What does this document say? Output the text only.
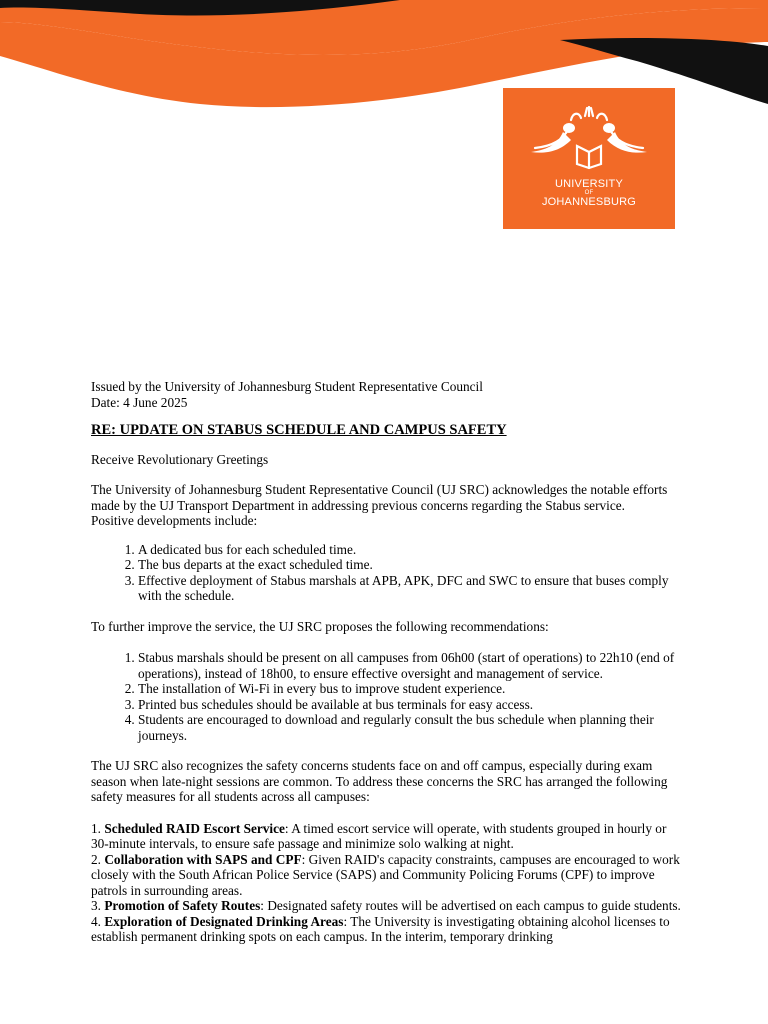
UNIVERSITY
OF
JOHANNESBURG

Issued by the University of Johannesburg Student Representative Council

Date: 4 June 2025

RE: UPDATE ON STABUS SCHEDULE AND CAMPUS SAFETY

Receive Revolutionary Greetings

The University of Johannesburg Student Representative Council (UJ SRC) acknowledges the notable efforts made by the UJ Transport Department in addressing previous concerns regarding the Stabus service.

Positive developments include:

1. A dedicated bus for each scheduled time.
2. The bus departs at the exact scheduled time.
3. Effective deployment of Stabus marshals at APB, APK, DFC and SWC to ensure that buses comply with the schedule.

To further improve the service, the UJ SRC proposes the following recommendations:

1. Stabus marshals should be present on all campuses from 06h00 (start of operations) to 22h10 (end of operations), instead of 18h00, to ensure effective oversight and management of service.
2. The installation of Wi-Fi in every bus to improve student experience.
3. Printed bus schedules should be available at bus terminals for easy access.
4. Students are encouraged to download and regularly consult the bus schedule when planning their journeys.

The UJ SRC also recognizes the safety concerns students face on and off campus, especially during exam season when late-night sessions are common. To address these concerns the SRC has arranged the following safety measures for all students across all campuses:

1. Scheduled RAID Escort Service: A timed escort service will operate, with students grouped in hourly or 30-minute intervals, to ensure safe passage and minimize solo walking at night.

2. Collaboration with SAPS and CPF: Given RAID's capacity constraints, campuses are encouraged to work closely with the South African Police Service (SAPS) and Community Policing Forums (CPF) to improve patrols in surrounding areas.

3. Promotion of Safety Routes: Designated safety routes will be advertised on each campus to guide students.

4. Exploration of Designated Drinking Areas: The University is investigating obtaining alcohol licenses to establish permanent drinking spots on each campus. In the interim, temporary drinking
